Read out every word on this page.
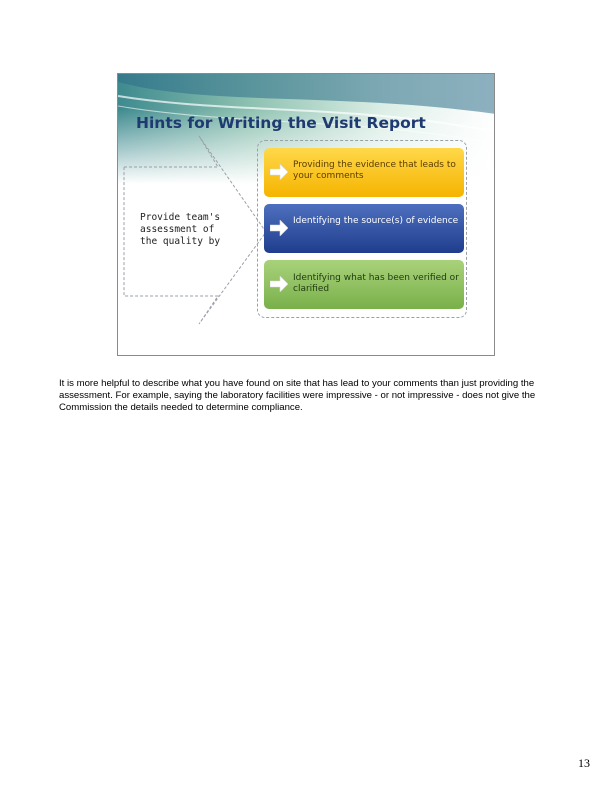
Hints for Writing the Visit Report
Provide team's assessment of the quality by
Providing the evidence that leads to your comments
Identifying the source(s) of evidence
Identifying what has been verified or clarified
It is more helpful to describe what you have found on site that has lead to your comments than just providing the assessment. For example, saying the laboratory facilities were impressive - or not impressive - does not give the Commission the details needed to determine compliance.
13
